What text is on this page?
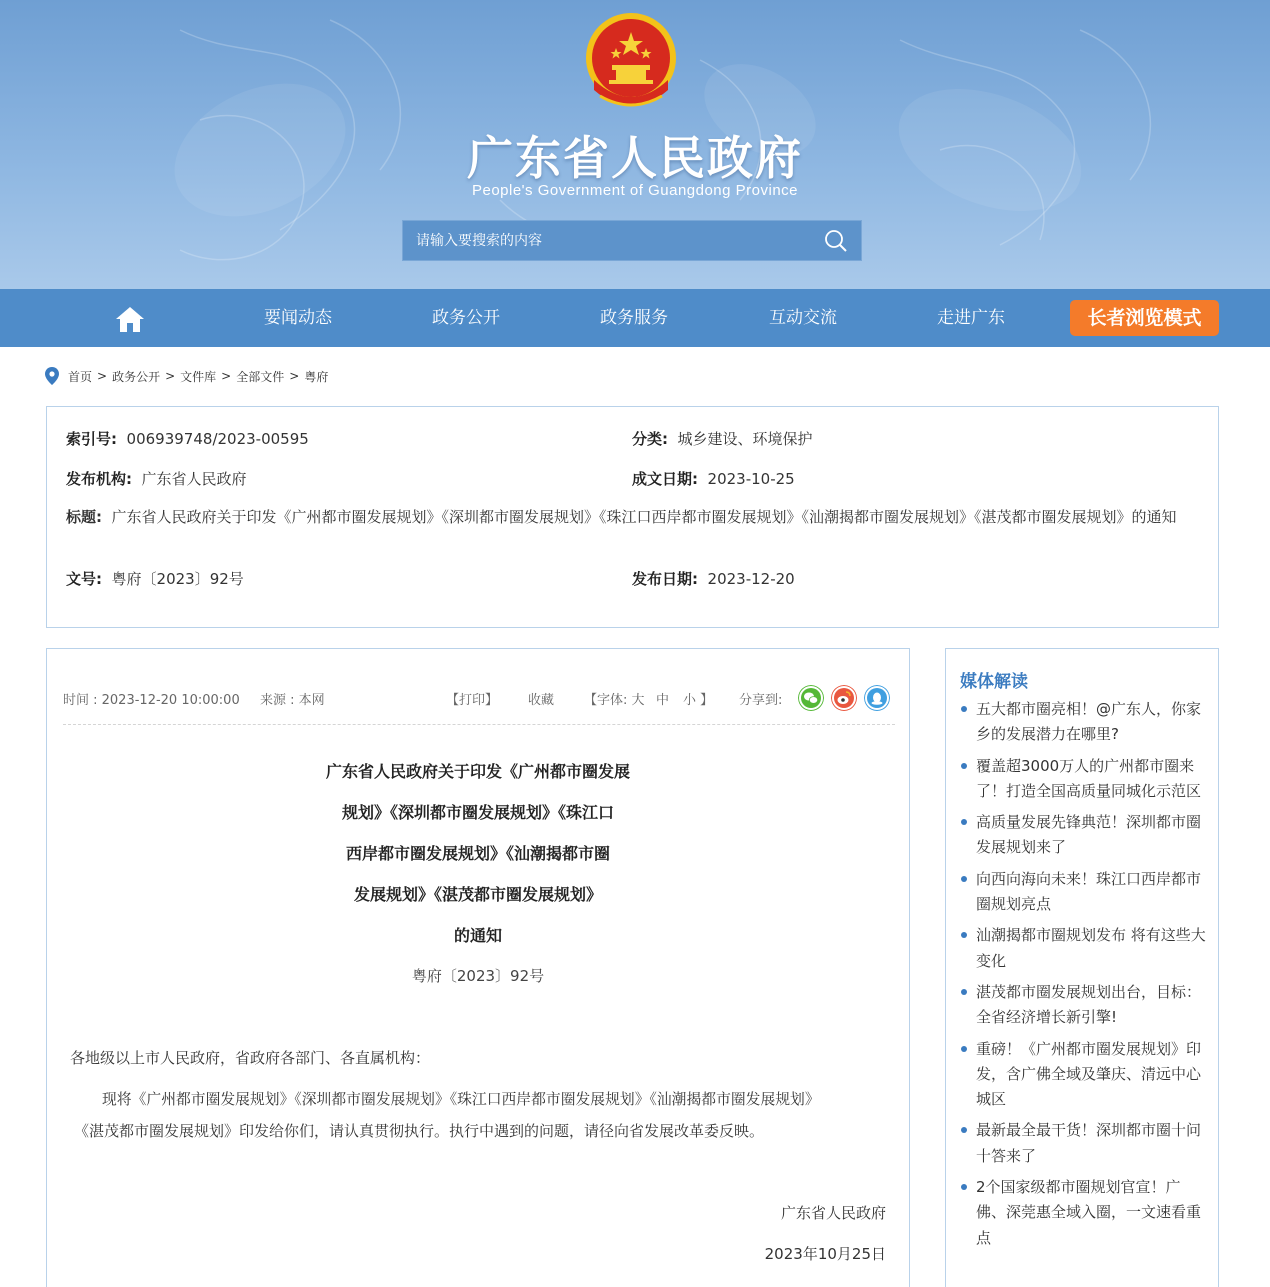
广东省人民政府
People's Government of Guangdong Province
请输入要搜索的内容
要闻动态	政务公开	政务服务	互动交流	走进广东	长者浏览模式
首页 > 政务公开 > 文件库 > 全部文件 > 粤府
索引号: 006939748/2023-00595	分类: 城乡建设、环境保护
发布机构: 广东省人民政府	成文日期: 2023-10-25
标题: 广东省人民政府关于印发《广州都市圈发展规划》《深圳都市圈发展规划》《珠江口西岸都市圈发展规划》《汕潮揭都市圈发展规划》《湛茂都市圈发展规划》的通知
文号: 粤府〔2023〕92号	发布日期: 2023-12-20
时间 : 2023-12-20 10:00:00 来源 : 本网	【打印】 收藏 【字体: 大 中 小 】 分享到:
广东省人民政府关于印发《广州都市圈发展
规划》《深圳都市圈发展规划》《珠江口
西岸都市圈发展规划》《汕潮揭都市圈
发展规划》《湛茂都市圈发展规划》
的通知
粤府〔2023〕92号
各地级以上市人民政府，省政府各部门、各直属机构：
现将《广州都市圈发展规划》《深圳都市圈发展规划》《珠江口西岸都市圈发展规划》《汕潮揭都市圈发展规划》
《湛茂都市圈发展规划》印发给你们，请认真贯彻执行。执行中遇到的问题，请径向省发展改革委反映。
广东省人民政府
2023年10月25日
媒体解读
五大都市圈亮相！@广东人，你家乡的发展潜力在哪里?
覆盖超3000万人的广州都市圈来了！打造全国高质量同城化示范区
高质量发展先锋典范！深圳都市圈发展规划来了
向西向海向未来！珠江口西岸都市圈规划亮点
汕潮揭都市圈规划发布 将有这些大变化
湛茂都市圈发展规划出台，目标：全省经济增长新引擎!
重磅！《广州都市圈发展规划》印发，含广佛全域及肇庆、清远中心城区
最新最全最干货！深圳都市圈十问十答来了
2个国家级都市圈规划官宣！广佛、深莞惠全域入圈，一文速看重点
